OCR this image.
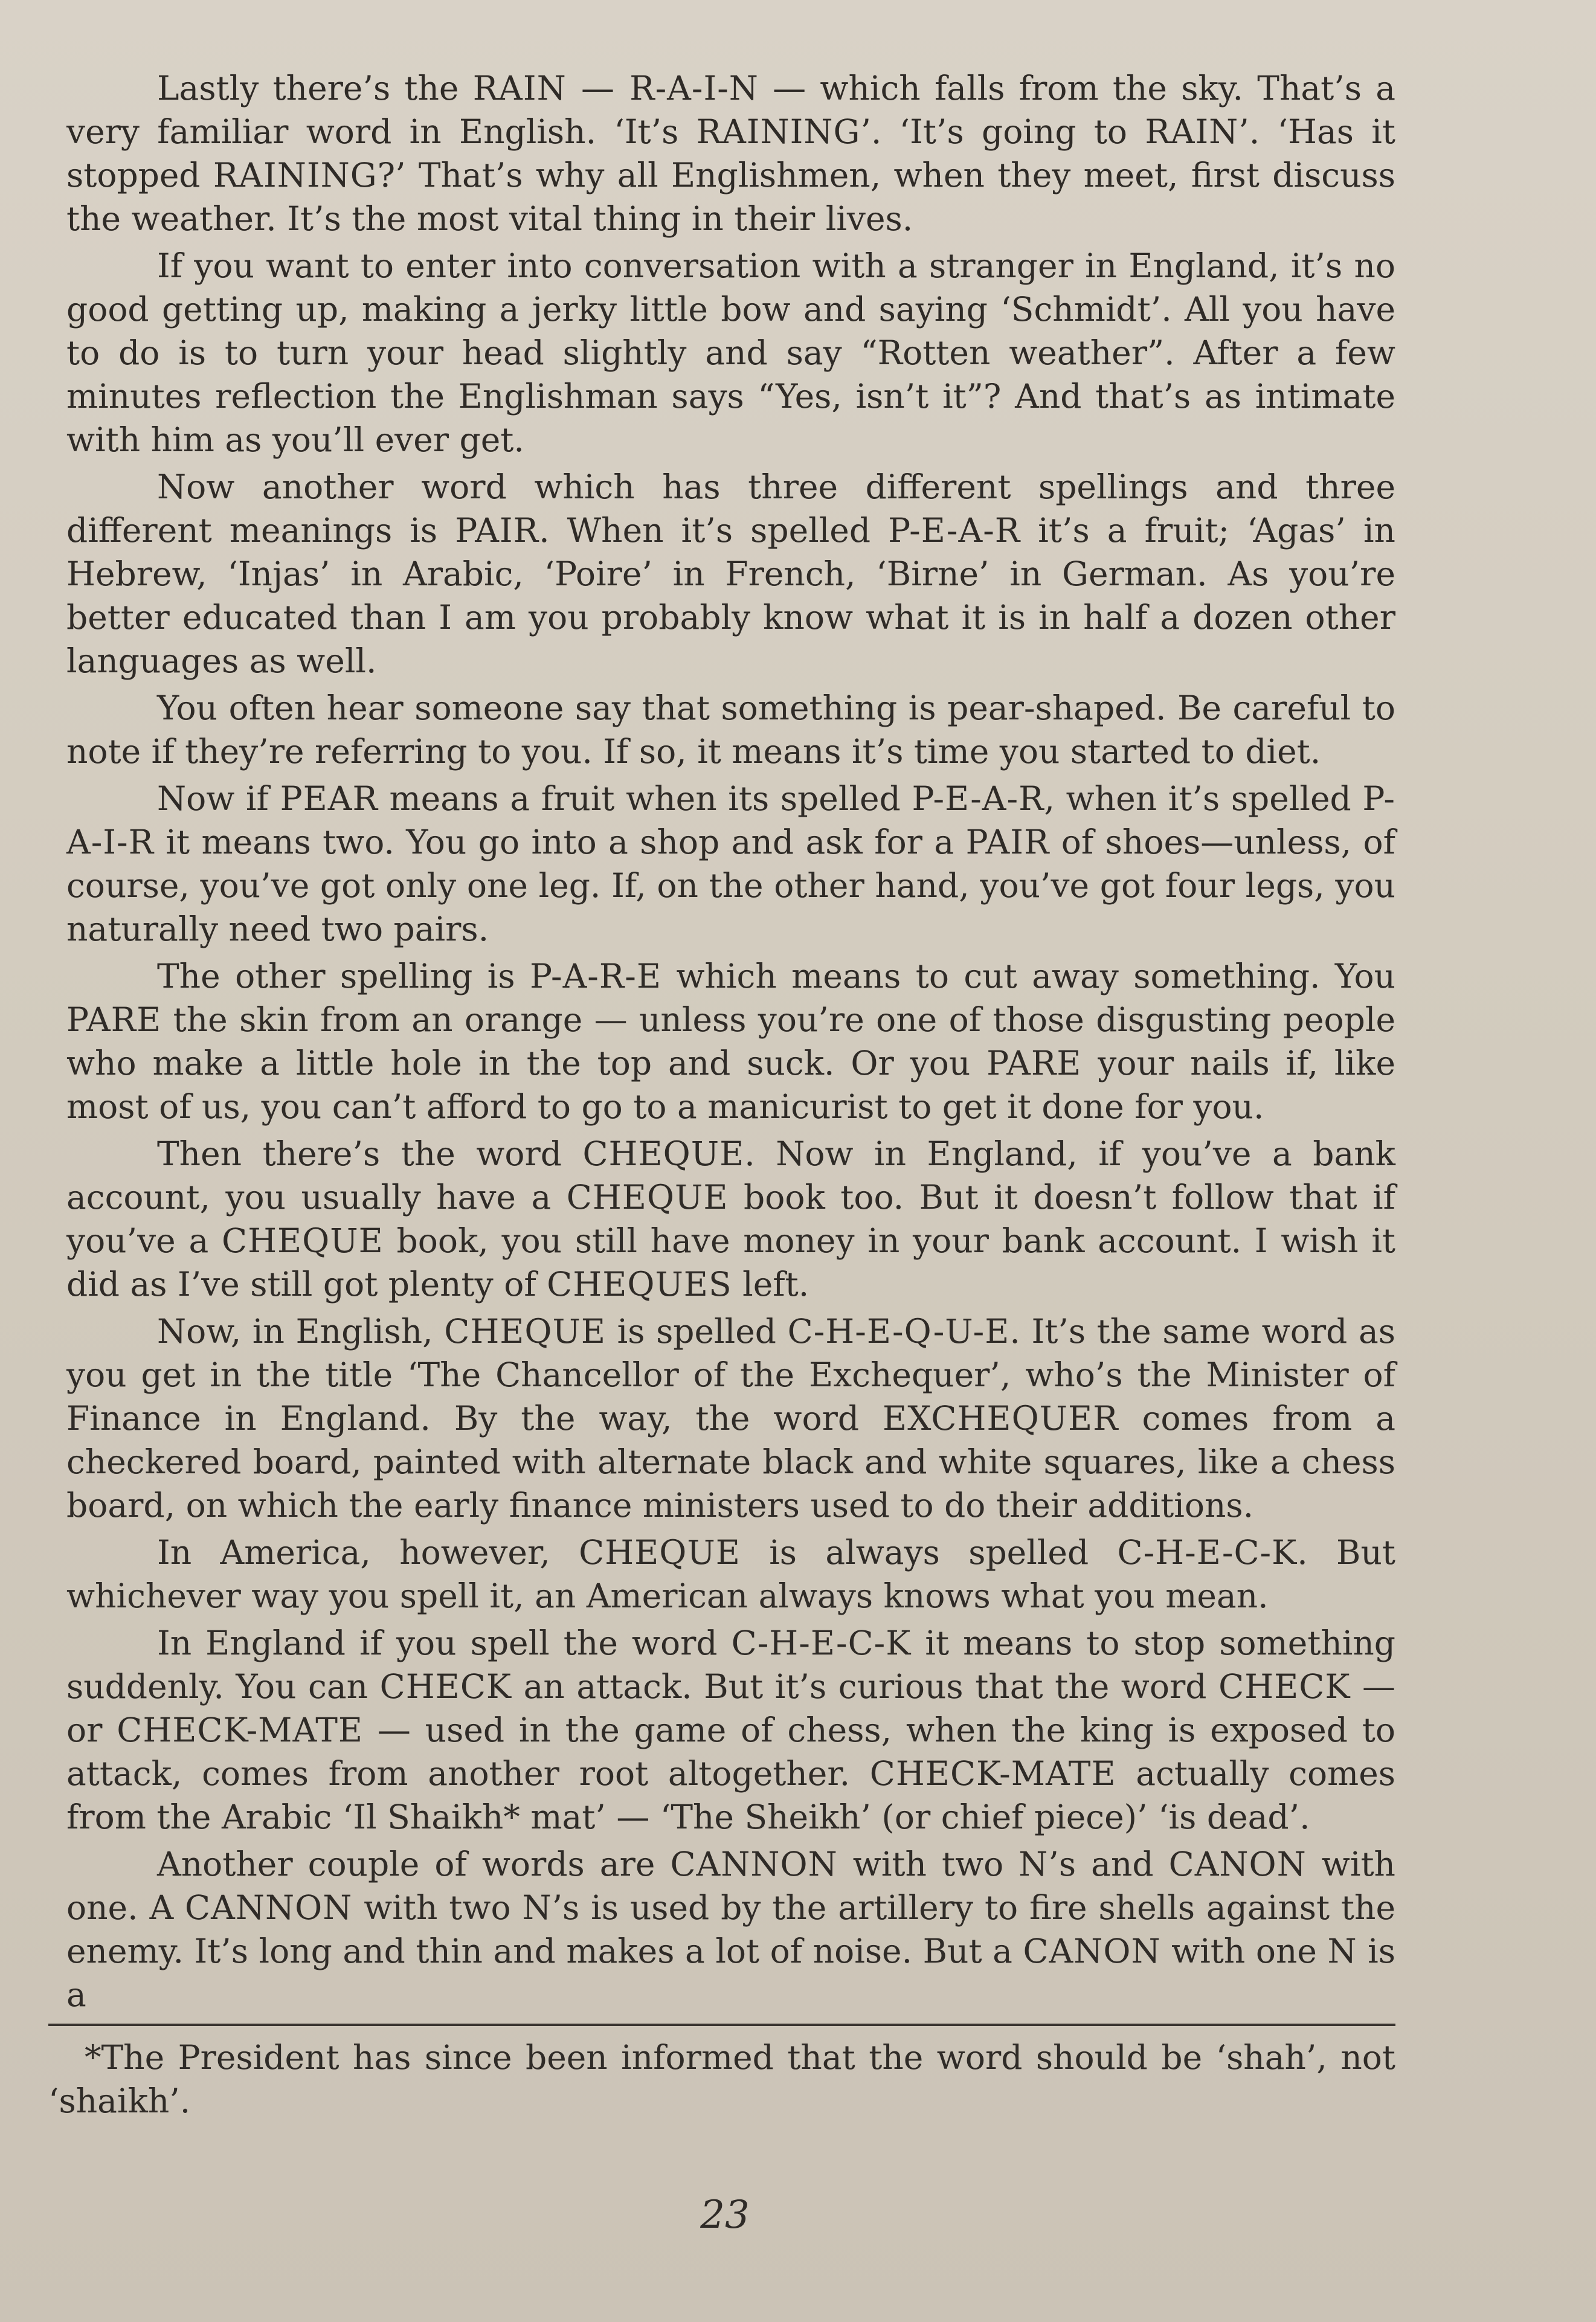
Lastly there’s the RAIN — R-A-I-N — which falls from the sky. That’s a very familiar word in English. ‘It’s RAINING’. ‘It’s going to RAIN’. ‘Has it stopped RAINING?’ That’s why all Englishmen, when they meet, first discuss the weather. It’s the most vital thing in their lives.

If you want to enter into conversation with a stranger in England, it’s no good getting up, making a jerky little bow and saying ‘Schmidt’. All you have to do is to turn your head slightly and say “Rotten weather”. After a few minutes reflection the Englishman says “Yes, isn’t it”? And that’s as intimate with him as you’ll ever get.

Now another word which has three different spellings and three different meanings is PAIR. When it’s spelled P-E-A-R it’s a fruit; ‘Agas’ in Hebrew, ‘Injas’ in Arabic, ‘Poire’ in French, ‘Birne’ in German. As you’re better educated than I am you probably know what it is in half a dozen other languages as well.

You often hear someone say that something is pear-shaped. Be careful to note if they’re referring to you. If so, it means it’s time you started to diet.

Now if PEAR means a fruit when its spelled P-E-A-R, when it’s spelled P-A-I-R it means two. You go into a shop and ask for a PAIR of shoes—unless, of course, you’ve got only one leg. If, on the other hand, you’ve got four legs, you naturally need two pairs.

The other spelling is P-A-R-E which means to cut away something. You PARE the skin from an orange — unless you’re one of those disgusting people who make a little hole in the top and suck. Or you PARE your nails if, like most of us, you can’t afford to go to a manicurist to get it done for you.

Then there’s the word CHEQUE. Now in England, if you’ve a bank account, you usually have a CHEQUE book too. But it doesn’t follow that if you’ve a CHEQUE book, you still have money in your bank account. I wish it did as I’ve still got plenty of CHEQUES left.

Now, in English, CHEQUE is spelled C-H-E-Q-U-E. It’s the same word as you get in the title ‘The Chancellor of the Exchequer’, who’s the Minister of Finance in England. By the way, the word EXCHEQUER comes from a checkered board, painted with alternate black and white squares, like a chess board, on which the early finance ministers used to do their additions.

In America, however, CHEQUE is always spelled C-H-E-C-K. But whichever way you spell it, an American always knows what you mean.

In England if you spell the word C-H-E-C-K it means to stop something suddenly. You can CHECK an attack. But it’s curious that the word CHECK — or CHECK-MATE — used in the game of chess, when the king is exposed to attack, comes from another root altogether. CHECK-MATE actually comes from the Arabic ‘Il Shaikh* mat’ — ‘The Sheikh’ (or chief piece)’ ‘is dead’.

Another couple of words are CANNON with two N’s and CANON with one. A CANNON with two N’s is used by the artillery to fire shells against the enemy. It’s long and thin and makes a lot of noise. But a CANON with one N is a

*The President has since been informed that the word should be ‘shah’, not ‘shaikh’.

23
